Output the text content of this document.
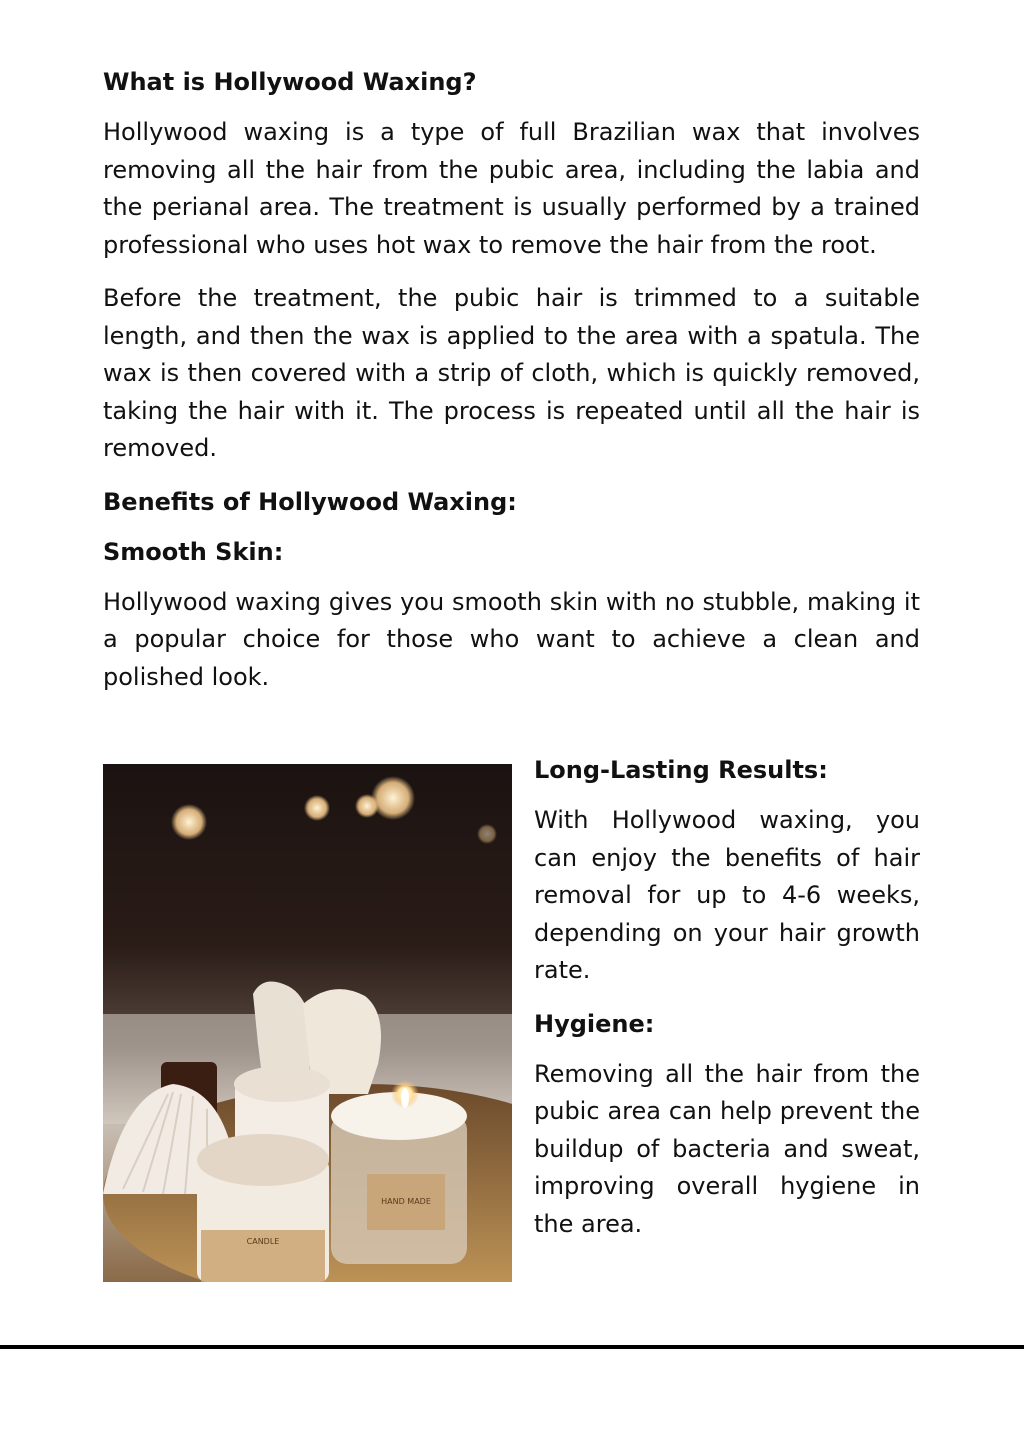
What is Hollywood Waxing?

Hollywood waxing is a type of full Brazilian wax that involves removing all the hair from the pubic area, including the labia and the perianal area. The treatment is usually performed by a trained professional who uses hot wax to remove the hair from the root.

Before the treatment, the pubic hair is trimmed to a suitable length, and then the wax is applied to the area with a spatula. The wax is then covered with a strip of cloth, which is quickly removed, taking the hair with it. The process is repeated until all the hair is removed.

Benefits of Hollywood Waxing:
Smooth Skin:

Hollywood waxing gives you smooth skin with no stubble, making it a popular choice for those who want to achieve a clean and polished look.

CANDLE
HAND MADE
Long-Lasting Results:

With Hollywood waxing, you can enjoy the benefits of hair removal for up to 4-6 weeks, depending on your hair growth rate.

Hygiene:

Removing all the hair from the pubic area can help prevent the buildup of bacteria and sweat, improving overall hygiene in the area.
